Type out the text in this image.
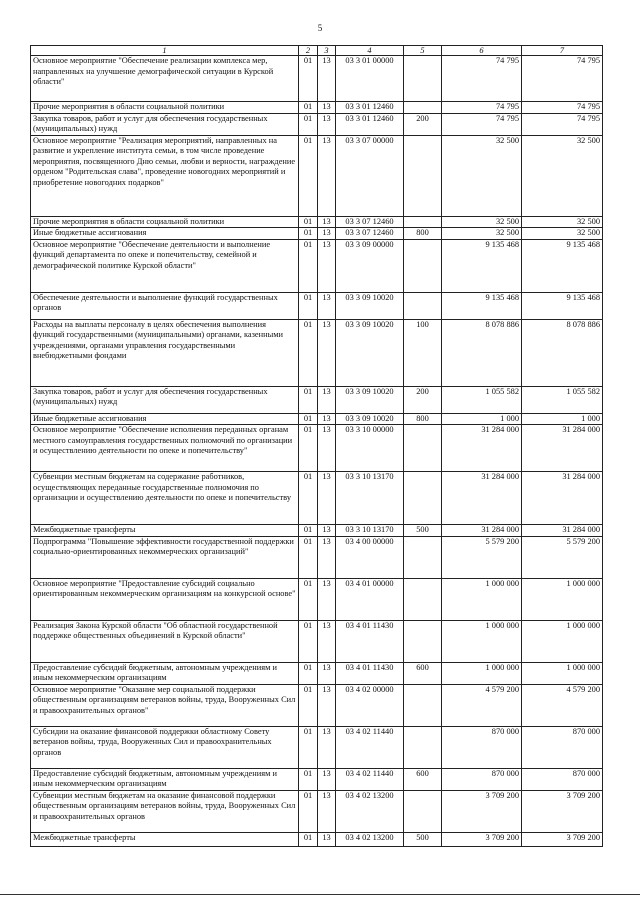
5
1	2	3	4	5	6	7
Основное мероприятие "Обеспечение реализации комплекса мер, направленных на улучшение демографической ситуации в Курской области"	01	13	03 3 01 00000		74 795	74 795
Прочие мероприятия в области социальной политики	01	13	03 3 01 12460		74 795	74 795
Закупка товаров, работ и услуг для обеспечения государственных (муниципальных) нужд	01	13	03 3 01 12460	200	74 795	74 795
Основное мероприятие "Реализация мероприятий, направленных на развитие и укрепление института семьи, в том числе проведение мероприятия, посвященного Дню семьи, любви и верности, награждение орденом "Родительская слава", проведение новогодних мероприятий и приобретение новогодних подарков"	01	13	03 3 07 00000		32 500	32 500
Прочие мероприятия в области социальной политики	01	13	03 3 07 12460		32 500	32 500
Иные бюджетные ассигнования	01	13	03 3 07 12460	800	32 500	32 500
Основное мероприятие "Обеспечение деятельности и выполнение функций департамента по опеке и попечительству, семейной и демографической политике Курской области"	01	13	03 3 09 00000		9 135 468	9 135 468
Обеспечение деятельности и выполнение функций государственных органов	01	13	03 3 09 10020		9 135 468	9 135 468
Расходы на выплаты персоналу в целях обеспечения выполнения функций государственными (муниципальными) органами, казенными учреждениями, органами управления государственными внебюджетными фондами	01	13	03 3 09 10020	100	8 078 886	8 078 886
Закупка товаров, работ и услуг для обеспечения государственных (муниципальных) нужд	01	13	03 3 09 10020	200	1 055 582	1 055 582
Иные бюджетные ассигнования	01	13	03 3 09 10020	800	1 000	1 000
Основное мероприятие "Обеспечение исполнения переданных органам местного самоуправления государственных полномочий по организации и осуществлению деятельности по опеке и попечительству"	01	13	03 3 10 00000		31 284 000	31 284 000
Субвенции местным бюджетам на содержание работников, осуществляющих переданные государственные полномочия по организации и осуществлению деятельности по опеке и попечительству	01	13	03 3 10 13170		31 284 000	31 284 000
Межбюджетные трансферты	01	13	03 3 10 13170	500	31 284 000	31 284 000
Подпрограмма "Повышение эффективности государственной поддержки социально-ориентированных некоммерческих организаций"	01	13	03 4 00 00000		5 579 200	5 579 200
Основное мероприятие "Предоставление субсидий социально ориентированным некоммерческим организациям на конкурсной основе"	01	13	03 4 01 00000		1 000 000	1 000 000
Реализация Закона Курской области "Об областной государственной поддержке общественных объединений в Курской области"	01	13	03 4 01 11430		1 000 000	1 000 000
Предоставление субсидий бюджетным, автономным учреждениям и иным некоммерческим организациям	01	13	03 4 01 11430	600	1 000 000	1 000 000
Основное мероприятие "Оказание мер социальной поддержки общественным организациям ветеранов войны, труда, Вооруженных Сил и правоохранительных органов"	01	13	03 4 02 00000		4 579 200	4 579 200
Субсидии на оказание финансовой поддержки областному Совету ветеранов войны, труда, Вооруженных Сил и правоохранительных органов	01	13	03 4 02 11440		870 000	870 000
Предоставление субсидий бюджетным, автономным учреждениям и иным некоммерческим организациям	01	13	03 4 02 11440	600	870 000	870 000
Субвенции местным бюджетам на оказание финансовой поддержки общественным организациям ветеранов войны, труда, Вооруженных Сил и правоохранительных органов	01	13	03 4 02 13200		3 709 200	3 709 200
Межбюджетные трансферты	01	13	03 4 02 13200	500	3 709 200	3 709 200
